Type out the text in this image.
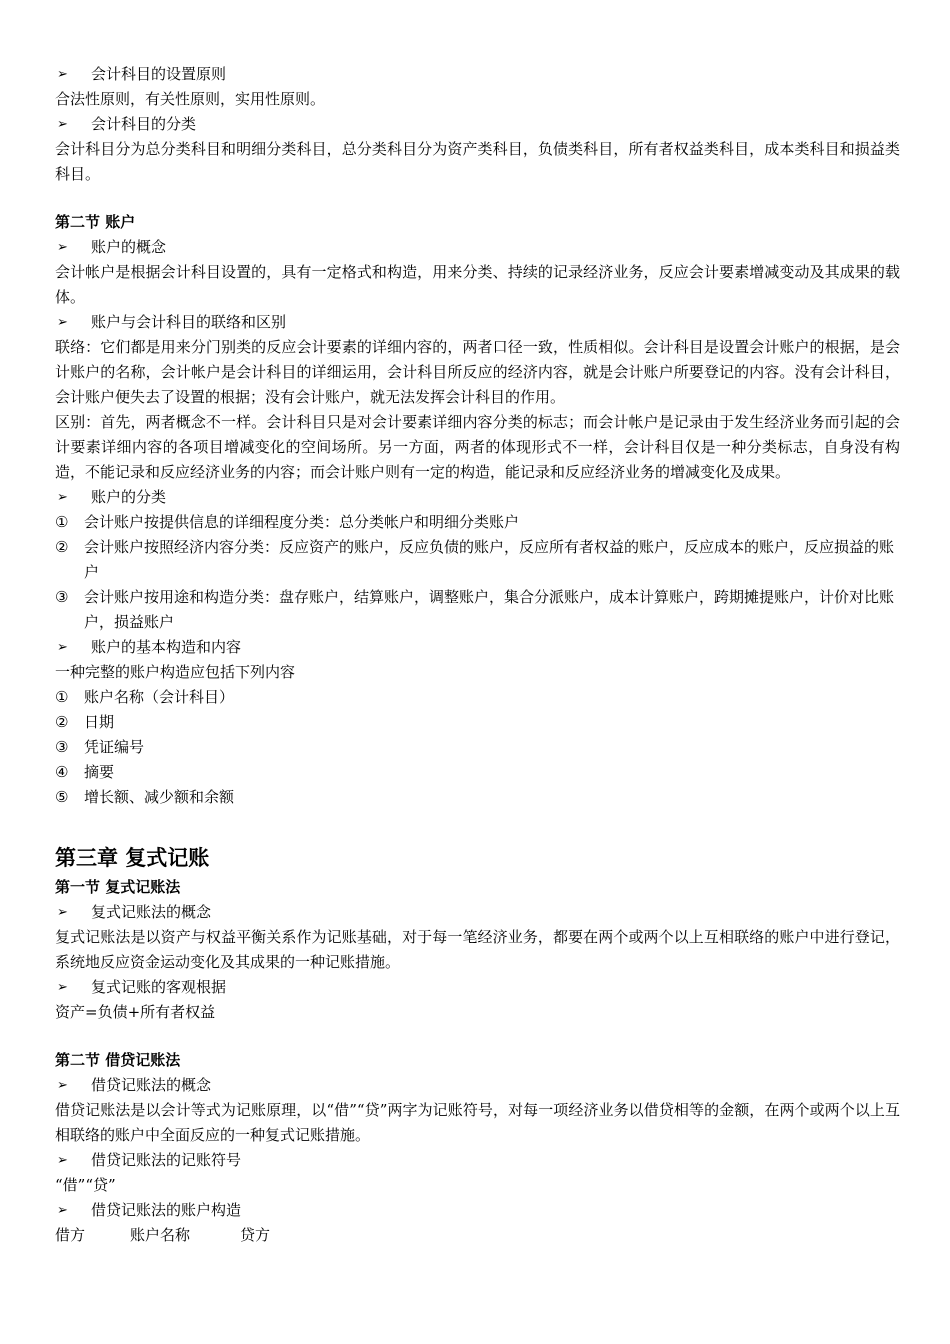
➢	会计科目的设置原则
合法性原则，有关性原则，实用性原则。
➢	会计科目的分类
会计科目分为总分类科目和明细分类科目，总分类科目分为资产类科目，负债类科目，所有者权益类科目，成本类科目和损益类科目。
第二节 账户
➢	账户的概念
会计帐户是根据会计科目设置的，具有一定格式和构造，用来分类、持续的记录经济业务，反应会计要素增减变动及其成果的载体。
➢	账户与会计科目的联络和区别
联络：它们都是用来分门别类的反应会计要素的详细内容的，两者口径一致，性质相似。会计科目是设置会计账户的根据，是会计账户的名称，会计帐户是会计科目的详细运用，会计科目所反应的经济内容，就是会计账户所要登记的内容。没有会计科目，会计账户便失去了设置的根据；没有会计账户，就无法发挥会计科目的作用。
区别：首先，两者概念不一样。会计科目只是对会计要素详细内容分类的标志；而会计帐户是记录由于发生经济业务而引起的会计要素详细内容的各项目增减变化的空间场所。另一方面，两者的体现形式不一样，会计科目仅是一种分类标志，自身没有构造，不能记录和反应经济业务的内容；而会计账户则有一定的构造，能记录和反应经济业务的增减变化及成果。
➢	账户的分类
①	会计账户按提供信息的详细程度分类：总分类帐户和明细分类账户
②	会计账户按照经济内容分类：反应资产的账户，反应负债的账户，反应所有者权益的账户，反应成本的账户，反应损益的账户
③	会计账户按用途和构造分类：盘存账户，结算账户，调整账户，集合分派账户，成本计算账户，跨期摊提账户，计价对比账户，损益账户
➢	账户的基本构造和内容
一种完整的账户构造应包括下列内容
①	账户名称（会计科目）
②	日期
③	凭证编号
④	摘要
⑤	增长额、减少额和余额
第三章 复式记账
第一节 复式记账法
➢	复式记账法的概念
复式记账法是以资产与权益平衡关系作为记账基础，对于每一笔经济业务，都要在两个或两个以上互相联络的账户中进行登记，系统地反应资金运动变化及其成果的一种记账措施。
➢	复式记账的客观根据
资产=负债+所有者权益
第二节 借贷记账法
➢	借贷记账法的概念
借贷记账法是以会计等式为记账原理，以“借”“贷”两字为记账符号，对每一项经济业务以借贷相等的金额，在两个或两个以上互相联络的账户中全面反应的一种复式记账措施。
➢	借贷记账法的记账符号
“借”“贷”
➢	借贷记账法的账户构造
借方	账户名称	贷方
